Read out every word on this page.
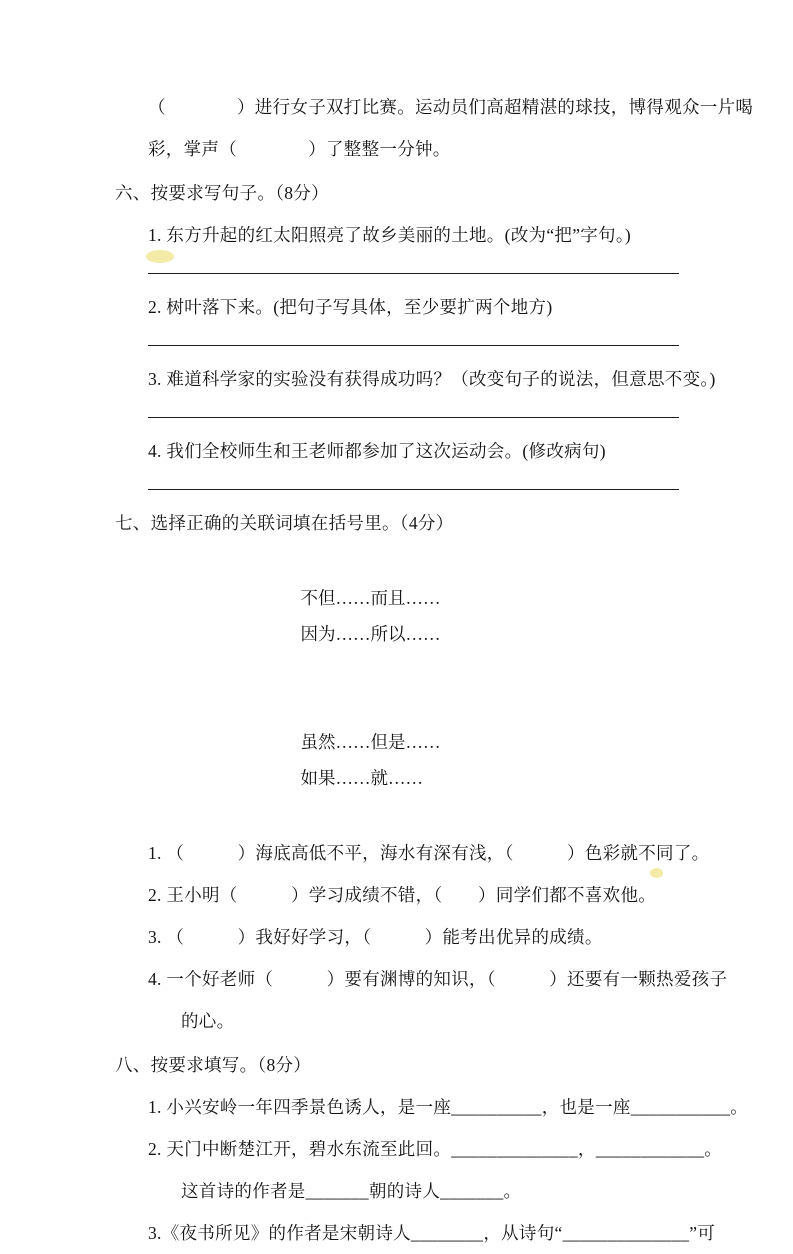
（　　　　）进行女子双打比赛。运动员们高超精湛的球技，博得观众一片喝
彩，掌声（　　　　）了整整一分钟。
六、按要求写句子。（8分）
1. 东方升起的红太阳照亮了故乡美丽的土地。(改为“把”字句。)
2. 树叶落下来。(把句子写具体，至少要扩两个地方)
3. 难道科学家的实验没有获得成功吗？（改变句子的说法，但意思不变。)
4. 我们全校师生和王老师都参加了这次运动会。(修改病句)
七、选择正确的关联词填在括号里。（4分）

不但……而且……
因为……所以……

虽然……但是……
如果……就……

1. （　　　）海底高低不平，海水有深有浅，（　　　）色彩就不同了。
2. 王小明（　　　）学习成绩不错，（　　）同学们都不喜欢他。
3. （　　　）我好好学习，（　　　）能考出优异的成绩。
4. 一个好老师（　　　）要有渊博的知识，（　　　）还要有一颗热爱孩子
的心。
八、按要求填写。（8分）
1. 小兴安岭一年四季景色诱人，是一座__________，也是一座___________。
2. 天门中断楚江开，碧水东流至此回。______________，____________。
这首诗的作者是_______朝的诗人_______。
3.《夜书所见》的作者是宋朝诗人________，从诗句“______________”可
